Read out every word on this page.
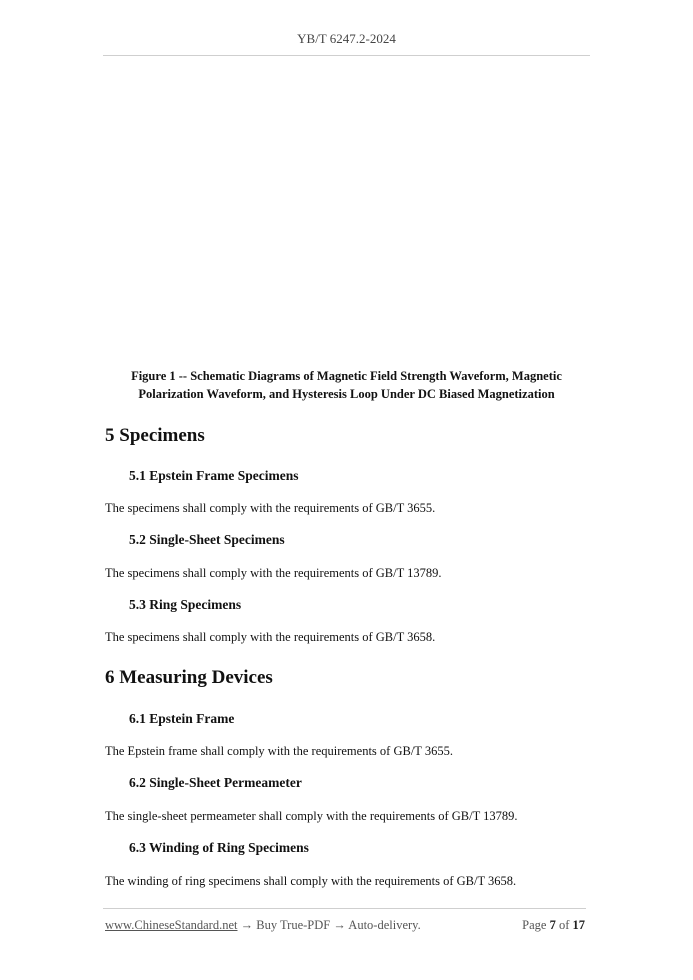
YB/T 6247.2-2024
Figure 1 -- Schematic Diagrams of Magnetic Field Strength Waveform, Magnetic
Polarization Waveform, and Hysteresis Loop Under DC Biased Magnetization
5 Specimens
5.1 Epstein Frame Specimens
The specimens shall comply with the requirements of GB/T 3655.
5.2 Single-Sheet Specimens
The specimens shall comply with the requirements of GB/T 13789.
5.3 Ring Specimens
The specimens shall comply with the requirements of GB/T 3658.
6 Measuring Devices
6.1 Epstein Frame
The Epstein frame shall comply with the requirements of GB/T 3655.
6.2 Single-Sheet Permeameter
The single-sheet permeameter shall comply with the requirements of GB/T 13789.
6.3 Winding of Ring Specimens
The winding of ring specimens shall comply with the requirements of GB/T 3658.
www.ChineseStandard.net → Buy True-PDF → Auto-delivery.	Page 7 of 17
